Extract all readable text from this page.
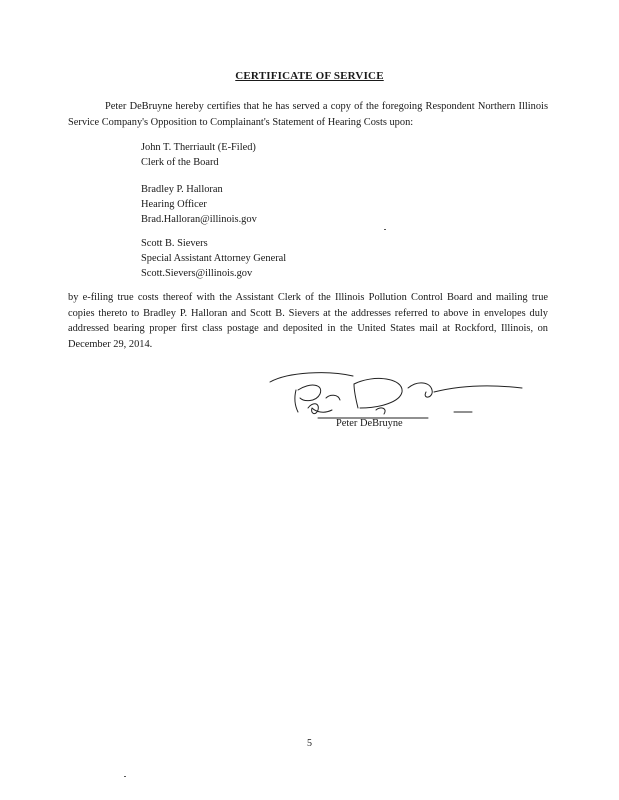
CERTIFICATE OF SERVICE
Peter DeBruyne hereby certifies that he has served a copy of the foregoing Respondent Northern Illinois Service Company's Opposition to Complainant's Statement of Hearing Costs upon:
John T. Therriault (E-Filed)
Clerk of the Board
Bradley P. Halloran
Hearing Officer
Brad.Halloran@illinois.gov
Scott B. Sievers
Special Assistant Attorney General
Scott.Sievers@illinois.gov
by e-filing true costs thereof with the Assistant Clerk of the Illinois Pollution Control Board and mailing true copies thereto to Bradley P. Halloran and Scott B. Sievers at the addresses referred to above in envelopes duly addressed bearing proper first class postage and deposited in the United States mail at Rockford, Illinois, on December 29, 2014.
Peter DeBruyne
5
